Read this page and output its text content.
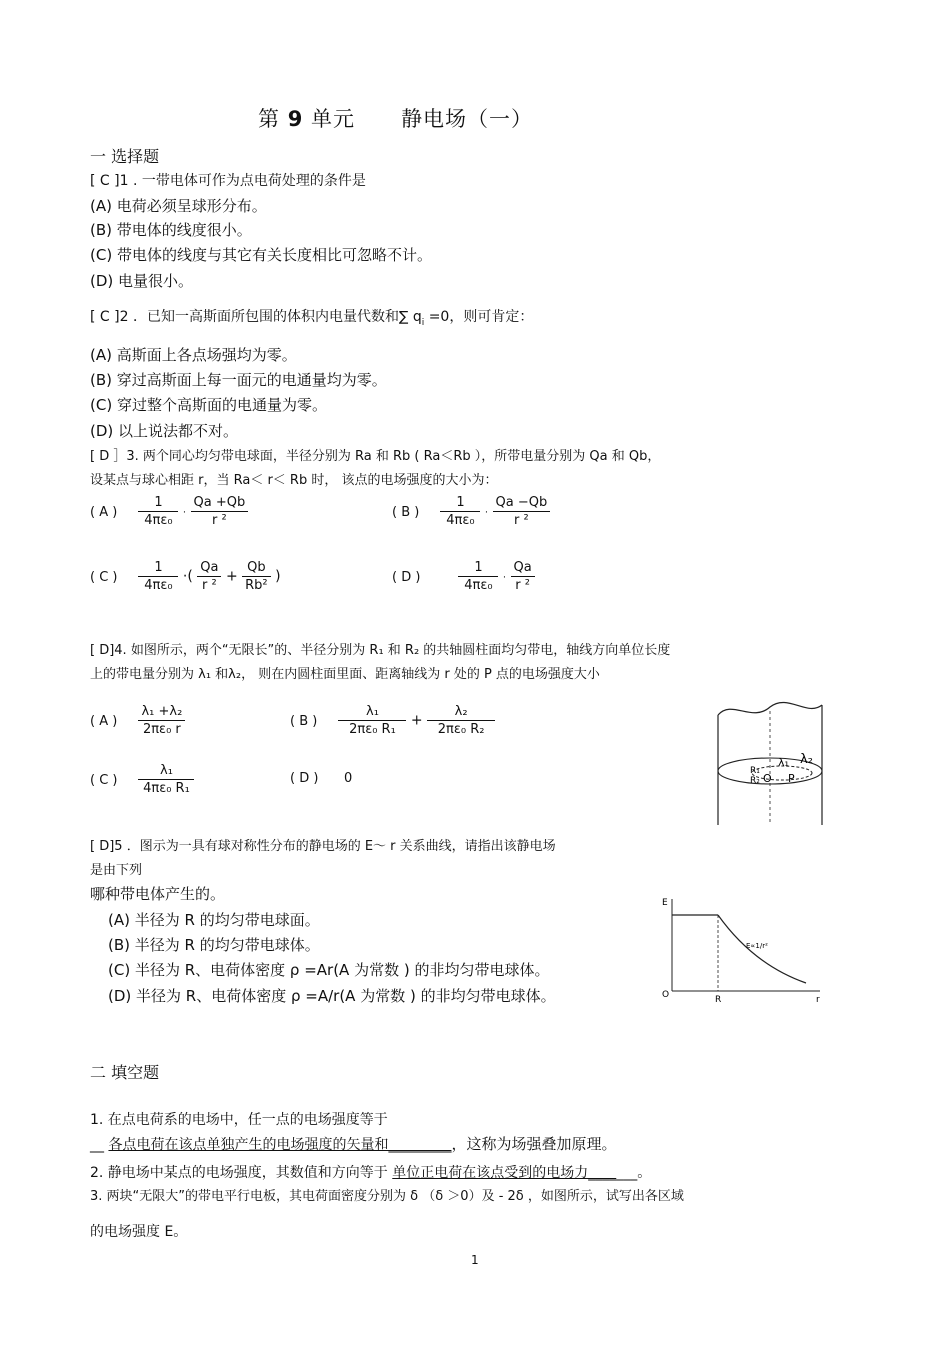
第 9 单元 静电场（一）
一 选择题
[ C ]1 . 一带电体可作为点电荷处理的条件是
(A) 电荷必须呈球形分布。
(B) 带电体的线度很小。
(C) 带电体的线度与其它有关长度相比可忽略不计。
(D) 电量很小。
[ C ]2 ．已知一高斯面所包围的体积内电量代数和∑ $q_i =0$，则可肯定：
(A) 高斯面上各点场强均为零。
(B) 穿过高斯面上每一面元的电通量均为零。
(C) 穿过整个高斯面的电通量为零。
(D) 以上说法都不对。
[ D ］3. 两个同心均匀带电球面，半径分别为 Ra 和 Rb ( Ra＜Rb ），所带电量分别为 Qa 和 Qb，
设某点与球心相距 r，当 Ra＜ r＜ Rb 时， 该点的电场强度的大小为：
( A ) $\frac{1}{\text{4πε₀}} \cdot \frac{Qa +Qb}{\text{r ²}}$	( B ) $\frac{1}{\text{4πε₀}} \cdot \frac{Qa -Qb}{\text{r ²}}$
( C ) $\frac{1}{\text{4πε₀}}$ ·( $\frac{Qa}{\text{r ²}} + \frac{Qb}{\text{Rb²}}$ )	( D )	$\frac{1}{\text{4πε₀}} \cdot \frac{Qa}{\text{r ²}}$
[ D]4. 如图所示，两个“无限长”的、半径分别为 R₁ 和 R₂ 的共轴圆柱面均匀带电，轴线方向单位长度
上的带电量分别为 λ₁ 和λ₂， 则在内圆柱面里面、距离轴线为 r 处的 P 点的电场强度大小
( A ) $\frac{\text{λ₁ +λ₂}}{\text{2πε₀ r}}$	( B ) $\frac{\text{λ₁}}{\text{2πε₀ R₁}} + \frac{\text{λ₂}}{\text{2πε₀ R₂}}$
( C ) $\frac{\text{λ₁}}{\text{4πε₀ R₁}}$	( D ) 0
λ₂
λ₁
R₁
R₂ O P
[ D]5 ．图示为一具有球对称性分布的静电场的 E～ r 关系曲线，请指出该静电场
是由下列
哪种带电体产生的。
(A) 半径为 R 的均匀带电球面。
(B) 半径为 R 的均匀带电球体。
(C) 半径为 R、电荷体密度 ρ =Ar(A 为常数 ) 的非均匀带电球体。
(D) 半径为 R、电荷体密度 ρ =A/r(A 为常数 ) 的非均匀带电球体。
E
O	R	r
E∝1/r²
二 填空题
1. 在点电荷系的电场中，任一点的电场强度等于
__ 各点电荷在该点单独产生的电场强度的矢量和_________，这称为场强叠加原理。
2. 静电场中某点的电场强度，其数值和方向等于 单位正电荷在该点受到的电场力_______。
3. 两块“无限大”的带电平行电板，其电荷面密度分别为 δ （δ ＞0）及 - 2δ ，如图所示，试写出各区域
的电场强度 E。
1
